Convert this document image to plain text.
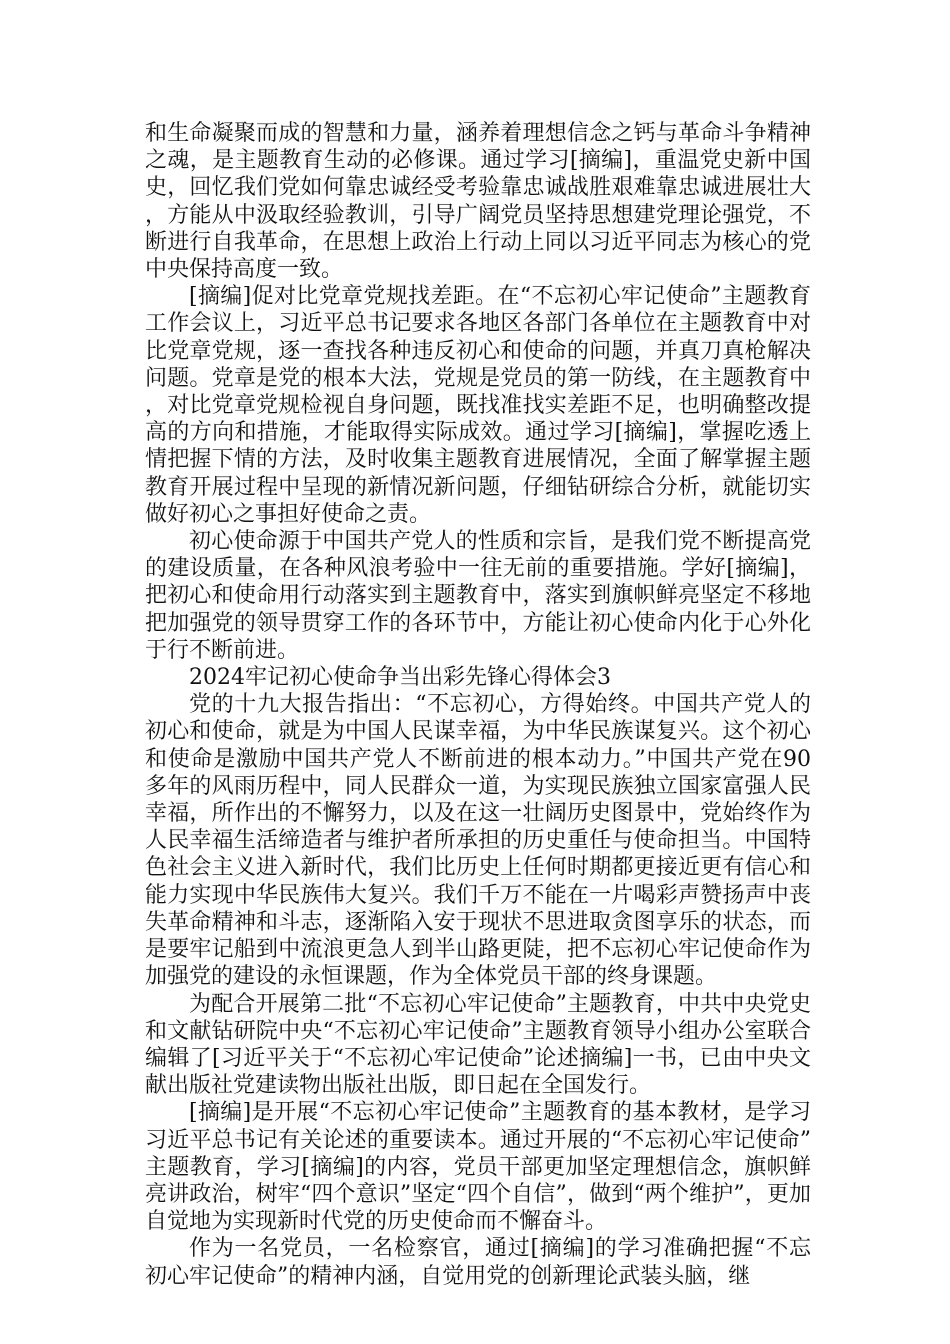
和生命凝聚而成的智慧和力量，涵养着理想信念之钙与革命斗争精神之魂，是主题教育生动的必修课。通过学习[摘编]，重温党史新中国史，回忆我们党如何靠忠诚经受考验靠忠诚战胜艰难靠忠诚进展壮大，方能从中汲取经验教训，引导广阔党员坚持思想建党理论强党，不断进行自我革命，在思想上政治上行动上同以习近平同志为核心的党中央保持高度一致。

[摘编]促对比党章党规找差距。在“不忘初心牢记使命”主题教育工作会议上，习近平总书记要求各地区各部门各单位在主题教育中对比党章党规，逐一查找各种违反初心和使命的问题，并真刀真枪解决问题。党章是党的根本大法，党规是党员的第一防线，在主题教育中，对比党章党规检视自身问题，既找准找实差距不足，也明确整改提高的方向和措施，才能取得实际成效。通过学习[摘编]，掌握吃透上情把握下情的方法，及时收集主题教育进展情况，全面了解掌握主题教育开展过程中呈现的新情况新问题，仔细钻研综合分析，就能切实做好初心之事担好使命之责。

初心使命源于中国共产党人的性质和宗旨，是我们党不断提高党的建设质量，在各种风浪考验中一往无前的重要措施。学好[摘编]，把初心和使命用行动落实到主题教育中，落实到旗帜鲜亮坚定不移地把加强党的领导贯穿工作的各环节中，方能让初心使命内化于心外化于行不断前进。

2024牢记初心使命争当出彩先锋心得体会3

党的十九大报告指出：“不忘初心，方得始终。中国共产党人的初心和使命，就是为中国人民谋幸福，为中华民族谋复兴。这个初心和使命是激励中国共产党人不断前进的根本动力。”中国共产党在90多年的风雨历程中，同人民群众一道，为实现民族独立国家富强人民幸福，所作出的不懈努力，以及在这一壮阔历史图景中，党始终作为人民幸福生活缔造者与维护者所承担的历史重任与使命担当。中国特色社会主义进入新时代，我们比历史上任何时期都更接近更有信心和能力实现中华民族伟大复兴。我们千万不能在一片喝彩声赞扬声中丧失革命精神和斗志，逐渐陷入安于现状不思进取贪图享乐的状态，而是要牢记船到中流浪更急人到半山路更陡，把不忘初心牢记使命作为加强党的建设的永恒课题，作为全体党员干部的终身课题。

为配合开展第二批“不忘初心牢记使命”主题教育，中共中央党史和文献钻研院中央“不忘初心牢记使命”主题教育领导小组办公室联合编辑了[习近平关于“不忘初心牢记使命”论述摘编]一书，已由中央文献出版社党建读物出版社出版，即日起在全国发行。

[摘编]是开展“不忘初心牢记使命”主题教育的基本教材，是学习习近平总书记有关论述的重要读本。通过开展的“不忘初心牢记使命”主题教育，学习[摘编]的内容，党员干部更加坚定理想信念，旗帜鲜亮讲政治，树牢“四个意识”坚定“四个自信”，做到“两个维护”，更加自觉地为实现新时代党的历史使命而不懈奋斗。

作为一名党员，一名检察官，通过[摘编]的学习准确把握“不忘初心牢记使命”的精神内涵，自觉用党的创新理论武装头脑，继
